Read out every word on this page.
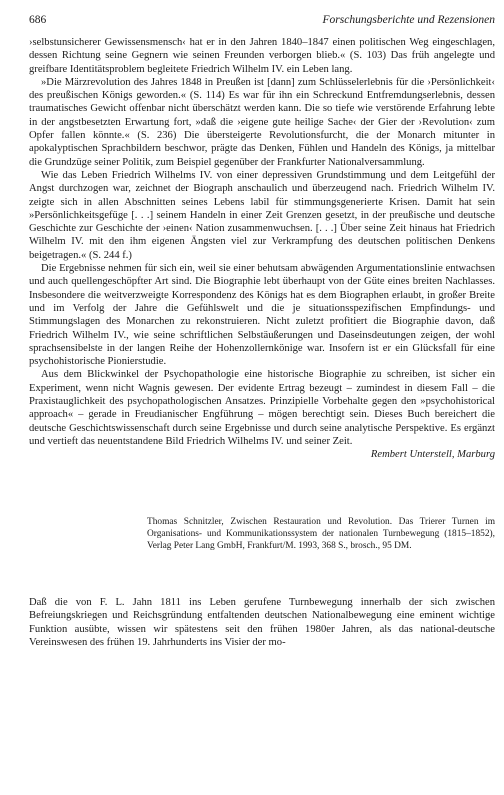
686	Forschungsberichte und Rezensionen

›selbstunsicherer Gewissensmensch‹ hat er in den Jahren 1840–1847 einen politischen Weg eingeschlagen, dessen Richtung seine Gegnern wie seinen Freunden verborgen blieb.« (S. 103) Das früh angelegte und greifbare Identitätsproblem begleitete Friedrich Wilhelm IV. ein Leben lang.

»Die Märzrevolution des Jahres 1848 in Preußen ist [dann] zum Schlüsselerlebnis für die ›Persönlichkeit‹ des preußischen Königs geworden.« (S. 114) Es war für ihn ein Schreckund Entfremdungserlebnis, dessen traumatisches Gewicht offenbar nicht überschätzt werden kann. Die so tiefe wie verstörende Erfahrung lebte in der angstbesetzten Erwartung fort, »daß die ›eigene gute heilige Sache‹ der Gier der ›Revolution‹ zum Opfer fallen könnte.« (S. 236) Die übersteigerte Revolutionsfurcht, die der Monarch mitunter in apokalyptischen Sprachbildern beschwor, prägte das Denken, Fühlen und Handeln des Königs, ja mittelbar die Grundzüge seiner Politik, zum Beispiel gegenüber der Frankfurter Nationalversammlung.

Wie das Leben Friedrich Wilhelms IV. von einer depressiven Grundstimmung und dem Leitgefühl der Angst durchzogen war, zeichnet der Biograph anschaulich und überzeugend nach. Friedrich Wilhelm IV. zeigte sich in allen Abschnitten seines Lebens labil für stimmungsgenerierte Krisen. Damit hat sein »Persönlichkeitsgefüge [. . .] seinem Handeln in einer Zeit Grenzen gesetzt, in der preußische und deutsche Geschichte zur Geschichte der ›einen‹ Nation zusammenwuchsen. [. . .] Über seine Zeit hinaus hat Friedrich Wilhelm IV. mit den ihm eigenen Ängsten viel zur Verkrampfung des deutschen politischen Denkens beigetragen.« (S. 244 f.)

Die Ergebnisse nehmen für sich ein, weil sie einer behutsam abwägenden Argumentationslinie entwachsen und auch quellengeschöpfter Art sind. Die Biographie lebt überhaupt von der Güte eines breiten Nachlasses. Insbesondere die weitverzweigte Korrespondenz des Königs hat es dem Biographen erlaubt, in großer Breite und im Verfolg der Jahre die Gefühlswelt und die je situationsspezifischen Empfindungs- und Stimmungslagen des Monarchen zu rekonstruieren. Nicht zuletzt profitiert die Biographie davon, daß Friedrich Wilhelm IV., wie seine schriftlichen Selbstäußerungen und Daseinsdeutungen zeigen, der wohl sprachsensibelste in der langen Reihe der Hohenzollernkönige war. Insofern ist er ein Glücksfall für eine psychohistorische Pionierstudie.

Aus dem Blickwinkel der Psychopathologie eine historische Biographie zu schreiben, ist sicher ein Experiment, wenn nicht Wagnis gewesen. Der evidente Ertrag bezeugt – zumindest in diesem Fall – die Praxistauglichkeit des psychopathologischen Ansatzes. Prinzipielle Vorbehalte gegen den »psychohistorical approach« – gerade in Freudianischer Engführung – mögen berechtigt sein. Dieses Buch bereichert die deutsche Geschichtswissenschaft durch seine Ergebnisse und durch seine analytische Perspektive. Es ergänzt und vertieft das neuentstandene Bild Friedrich Wilhelms IV. und seiner Zeit.

Rembert Unterstell, Marburg
Thomas Schnitzler, Zwischen Restauration und Revolution. Das Trierer Turnen im Organisations- und Kommunikationssystem der nationalen Turnbewegung (1815–1852), Verlag Peter Lang GmbH, Frankfurt/M. 1993, 368 S., brosch., 95 DM.

Daß die von F. L. Jahn 1811 ins Leben gerufene Turnbewegung innerhalb der sich zwischen Befreiungskriegen und Reichsgründung entfaltenden deutschen Nationalbewegung eine eminent wichtige Funktion ausübte, wissen wir spätestens seit den frühen 1980er Jahren, als das national-deutsche Vereinswesen des frühen 19. Jahrhunderts ins Visier der mo-
